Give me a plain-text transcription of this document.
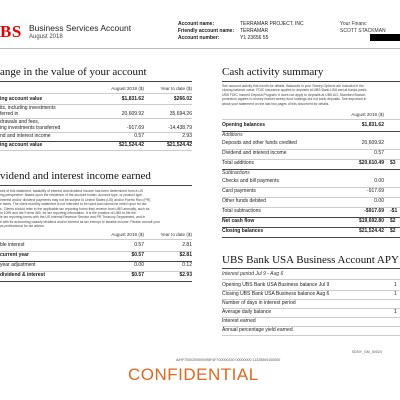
BS Business Services Account
August 2018
Account name:	TERRAMAR PROJECT, INC
Friendly account name: TERRAMAR
Account number:	Y1 23656 55
Your Financ
SCOTT STACKMAN
ange in the value of your account
August 2018 ($)	Year to date ($)
ing account value	$1,831.62	$266.02
its, including investments
ferred in	20,609.92	35,694.26
drawals and fees,
ing investments transferred	-917.69	-14,438.79
nd and interest income	0.57	2.93
ing account value	$21,524.42	$21,524.42
vidend and interest income earned
ses of this statement, taxability of interest and dividend income has been determined from a US
ing perspective. Based upon the residence of the account holder, account type, or product type,
interest and/or dividend payments may not be subject to United States (US) and/or Puerto Rico (PR)
e taxes. The client monthly statement is not intended to be used and cannot be relied upon for tax
s. Clients should refer to the applicable tax reporting forms they receive from UBS annually, such as
m 1099 and the Forms 480, for tax reporting information. It is the practice of UBS to file the
le tax reporting forms with the US Internal Revenue Service and PR Treasury Department, and in
e with its accounting classify dividend and/or interest as tax exempt or taxable income. Please consult your
ax professional for tax advice.
August 2018 ($)	Year to date ($)
ble interest	0.57	2.81
current year	$0.57	$2.81
year adjustment	0.00	0.12
dividend & interest	$0.57	$2.93
Cash activity summary
See account activity this month for details. Balances in your Sweep Options are included in the
closing balance value. FDIC insurance applies to deposits at UBS Bank USA and at banks partic
UBS FDIC Insured Deposit Program. It does not apply to deposits at UBS AG, Stamford Branch.
protection applies to money market sweep fund holdings but not bank deposits. See important in
about your statement on the last two pages of this document for details.
August 2018 ($)
Opening balances	$1,831.62
Additions
Deposits and other funds credited	20,609.92
Dividend and interest income	0.57
Total additions	$20,610.49 $3
Subtractions
Checks and bill payments	0.00
Card payments	-917.69
Other funds debited	0.00
Total subtractions	-$917.69 -$1
Net cash flow	$19,692.80 $2
Closing balances	$21,524.42 $2
UBS Bank USA Business Account APY
Interest period Jul 9 - Aug 6
Opening UBS Bank USA Business balance Jul 9	1
Closing UBS Bank USA Business balance Aug 6	1
Number of days in interest period
Average daily balance	1
Interest earned
Annual percentage yield earned
SDNY_GM_00024
A/HF7000200000098F4F700000150 00000000 11326500100000
CONFIDENTIAL
